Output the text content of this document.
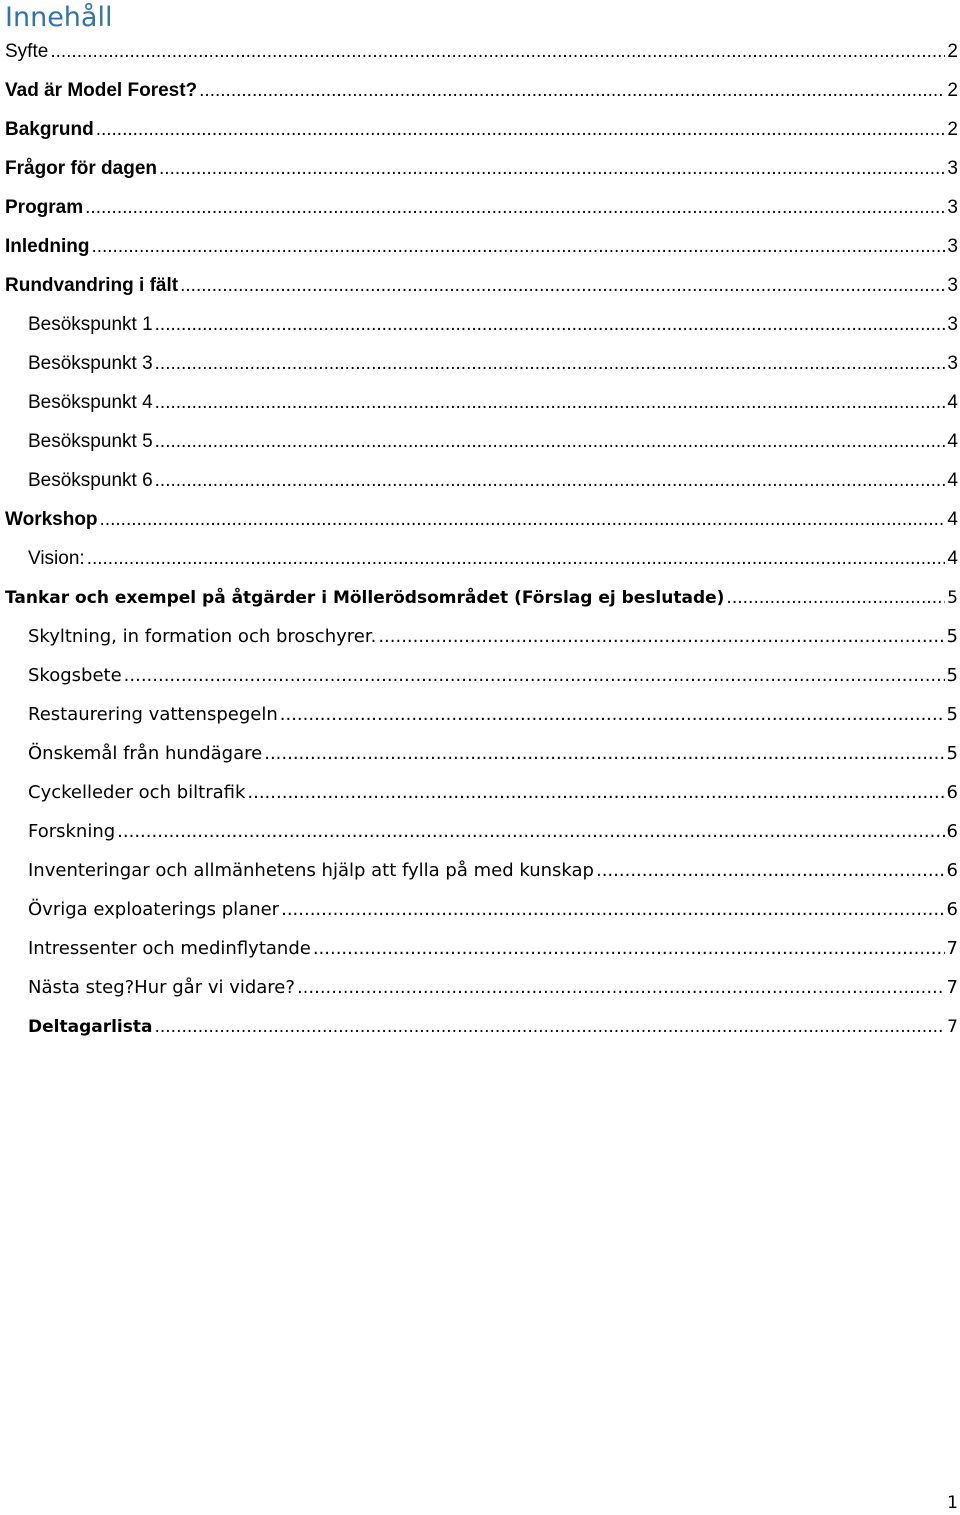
Innehåll
Syfte .....	2
Vad är Model Forest? .....	2
Bakgrund .....	2
Frågor för dagen .....	3
Program .....	3
Inledning .....	3
Rundvandring i fält .....	3
Besökspunkt 1 .....	3
Besökspunkt 3 .....	3
Besökspunkt 4 .....	4
Besökspunkt 5 .....	4
Besökspunkt 6 .....	4
Workshop .....	4
Vision: .....	4
Tankar och exempel på åtgärder i Möllerödsområdet (Förslag ej beslutade) .....	5
Skyltning, in formation och broschyrer. .....	5
Skogsbete .....	5
Restaurering vattenspegeln .....	5
Önskemål från hundägare .....	5
Cyckelleder och biltrafik .....	6
Forskning .....	6
Inventeringar och allmänhetens hjälp att fylla på med kunskap .....	6
Övriga exploaterings planer .....	6
Intressenter och medinflytande .....	7
Nästa steg?Hur går vi vidare? .....	7
Deltagarlista .....	7
1
